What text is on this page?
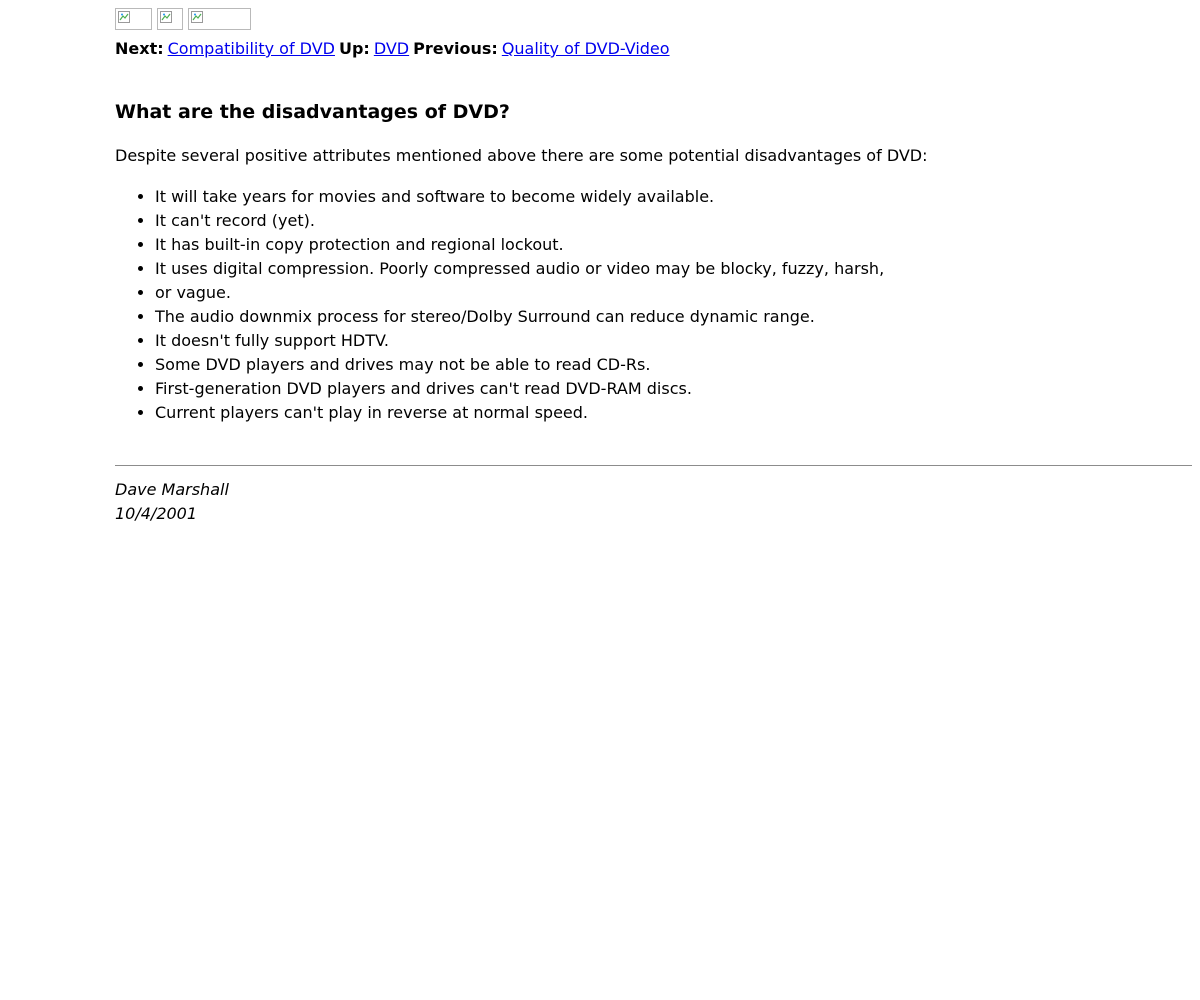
Next: Compatibility of DVD Up: DVD Previous: Quality of DVD-Video
What are the disadvantages of DVD?

Despite several positive attributes mentioned above there are some potential disadvantages of DVD:

• It will take years for movies and software to become widely available.
• It can't record (yet).
• It has built-in copy protection and regional lockout.
• It uses digital compression. Poorly compressed audio or video may be blocky, fuzzy, harsh,
• or vague.
• The audio downmix process for stereo/Dolby Surround can reduce dynamic range.
• It doesn't fully support HDTV.
• Some DVD players and drives may not be able to read CD-Rs.
• First-generation DVD players and drives can't read DVD-RAM discs.
• Current players can't play in reverse at normal speed.
Dave Marshall
10/4/2001
